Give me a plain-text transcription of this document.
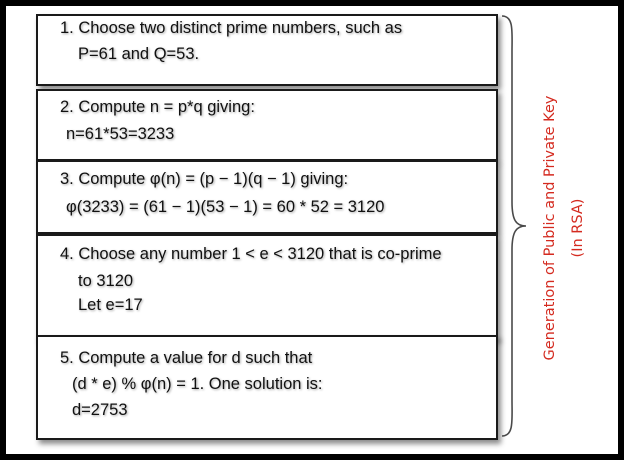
1. Choose two distinct prime numbers, such as
P=61 and Q=53.
2. Compute n = p*q giving:
n=61*53=3233
3. Compute φ(n) = (p − 1)(q − 1) giving:
φ(3233) = (61 − 1)(53 − 1) = 60 * 52 = 3120
4. Choose any number 1 < e < 3120 that is co-prime
to 3120
Let e=17
5. Compute a value for d such that
(d * e) % φ(n) = 1. One solution is:
d=2753
Generation of Public and Private Key (In RSA)
